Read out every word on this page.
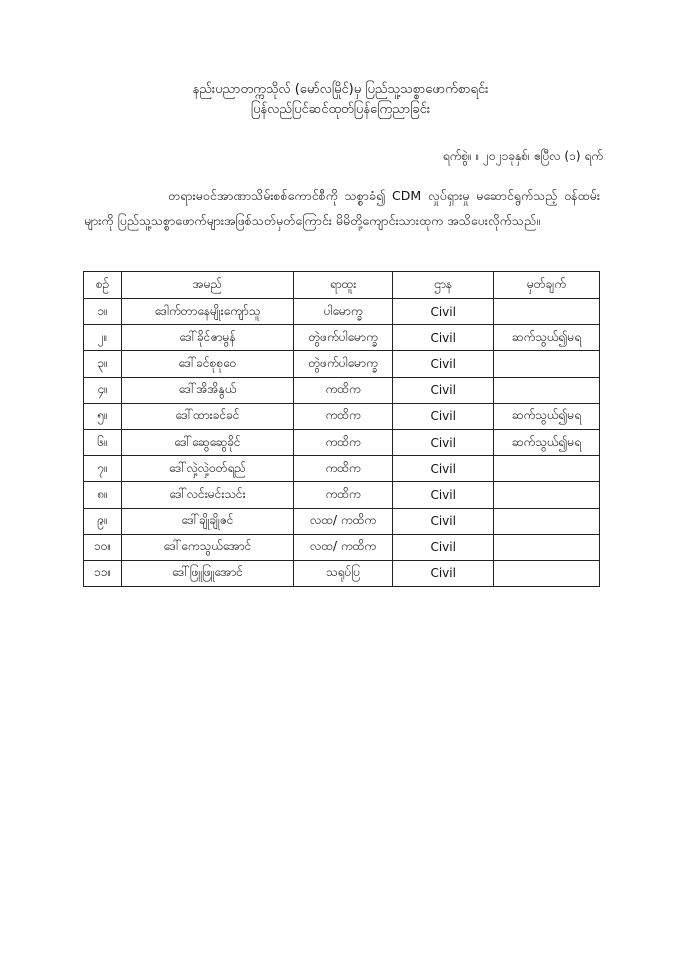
နည်းပညာတက္ကသိုလ် (မော်လမြိုင်)မှ ပြည်သူ့သစ္စာဖောက်စာရင်း
ပြန်လည်ပြင်ဆင်ထုတ်ပြန်ကြေညာခြင်း
ရက်စွဲ။ ။ ၂၀၂၁ခုနှစ်၊ ဧပြီလ (၁) ရက်
တရားမဝင်အာဏာသိမ်းစစ်ကောင်စီကို သစ္စာခံ၍ CDM လှုပ်ရှားမှု မဆောင်ရွက်သည့် ဝန်ထမ်းများကို ပြည်သူ့သစ္စာဖောက်များအဖြစ်သတ်မှတ်ကြောင်း မိမိတို့ကျောင်းသားထုက အသိပေးလိုက်သည်။
စဉ်	အမည်	ရာထူး	ဌာန	မှတ်ချက်
၁။	ဒေါက်တာနေမျိုးကျော်သူ	ပါမောက္ခ	Civil	
၂။	ဒေါ်ခိုင်ဇာမွန်	တွဲဖက်ပါမောက္ခ	Civil	ဆက်သွယ်၍မရ
၃။	ဒေါ်ခင်စုစုဝေ	တွဲဖက်ပါမောက္ခ	Civil	
၄။	ဒေါ်အိအိနွယ်	ကထိက	Civil	
၅။	ဒေါ်ထားခင်ခင်	ကထိက	Civil	ဆက်သွယ်၍မရ
၆။	ဒေါ်ဆွေဆွေခိုင်	ကထိက	Civil	ဆက်သွယ်၍မရ
၇။	ဒေါ်လှဲ့လှဲ့ဝတ်ရည်	ကထိက	Civil	
၈။	ဒေါ်လင်းမင်းသင်း	ကထိက	Civil	
၉။	ဒေါ်ချိုချိုဇင်	လထ/ ကထိက	Civil	
၁၀။	ဒေါ်ကေသွယ်အောင်	လထ/ ကထိက	Civil	
၁၁။	ဒေါ်ဖြူဖြူအောင်	သရုပ်ပြ	Civil	
